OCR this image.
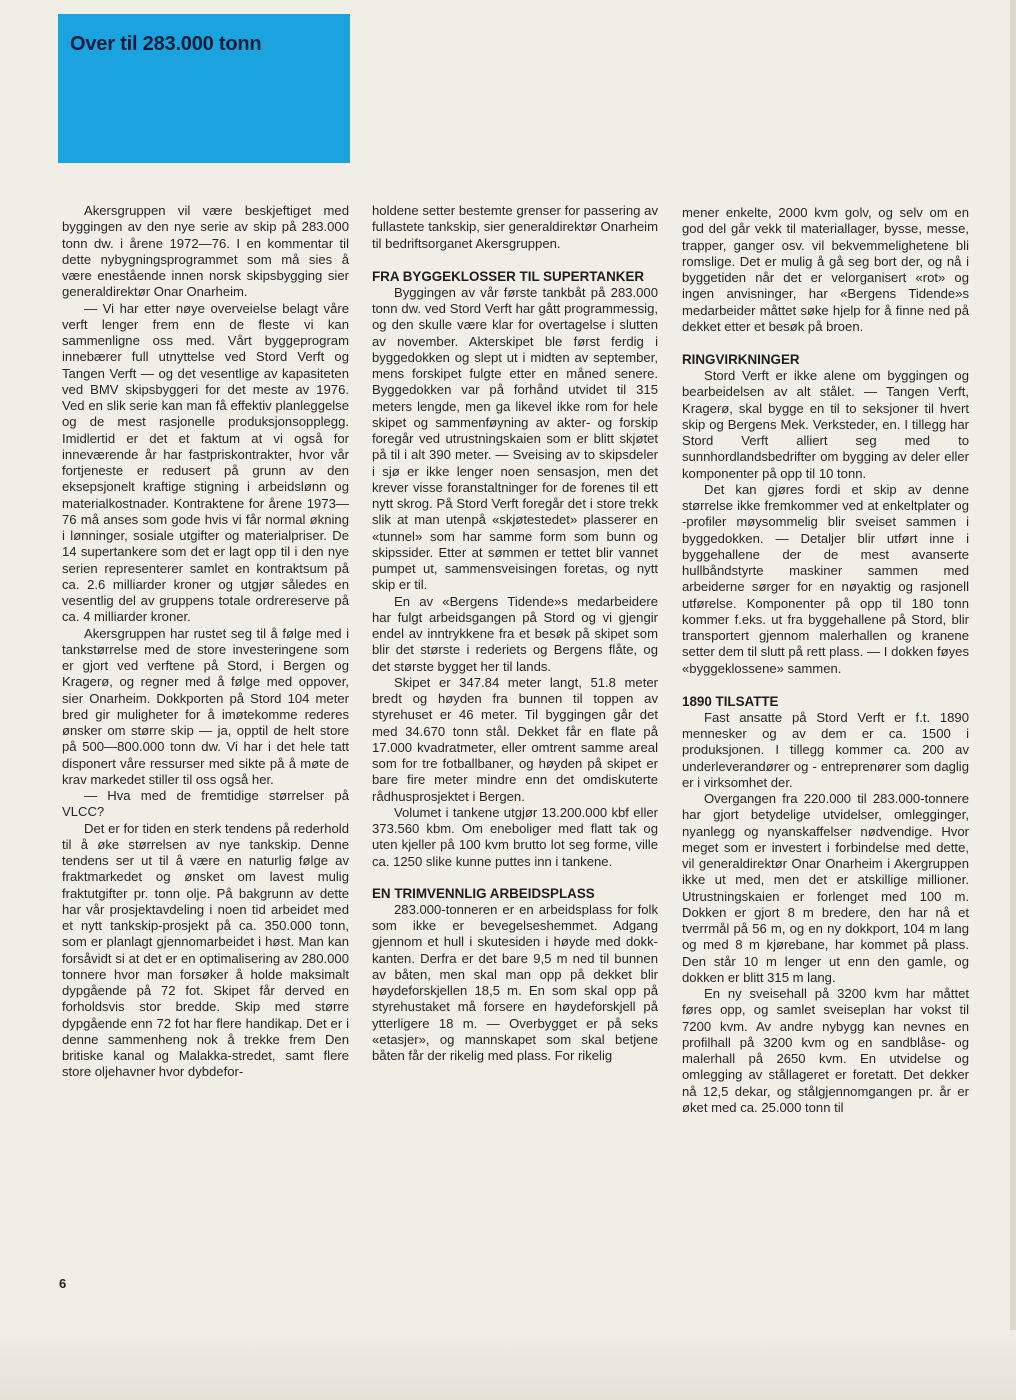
Over til 283.000 tonn

Akersgruppen vil være beskjeftiget med byggingen av den nye serie av skip på 283.000 tonn dw. i årene 1972—76. I en kommentar til dette nybygningsprogrammet som må sies å være enestående innen norsk skipsbygging sier generaldirektør Onar Onarheim.

— Vi har etter nøye overveielse belagt våre verft lenger frem enn de fleste vi kan sammenligne oss med. Vårt byggeprogram innebærer full utnyttelse ved Stord Verft og Tangen Verft — og det vesentlige av kapasiteten ved BMV skipsbyggeri for det meste av 1976. Ved en slik serie kan man få effektiv planleggelse og de mest rasjonelle produksjonsopplegg. Imidlertid er det et faktum at vi også for inneværende år har fastpriskontrakter, hvor vår fortjeneste er redusert på grunn av den eksepsjonelt kraftige stigning i arbeidslønn og materialkostnader. Kontraktene for årene 1973—76 må anses som gode hvis vi får normal økning i lønninger, sosiale utgifter og materialpriser. De 14 supertankere som det er lagt opp til i den nye serien representerer samlet en kontraktsum på ca. 2.6 milliarder kroner og utgjør således en vesentlig del av gruppens totale ordrereserve på ca. 4 milliarder kroner.

Akersgruppen har rustet seg til å følge med i tankstørrelse med de store investeringene som er gjort ved verftene på Stord, i Bergen og Kragerø, og regner med å følge med oppover, sier Onarheim. Dokkporten på Stord 104 meter bred gir muligheter for å imøtekomme rederes ønsker om større skip — ja, opptil de helt store på 500—800.000 tonn dw. Vi har i det hele tatt disponert våre ressurser med sikte på å møte de krav markedet stiller til oss også her.

— Hva med de fremtidige størrelser på VLCC?

Det er for tiden en sterk tendens på rederhold til å øke størrelsen av nye tankskip. Denne tendens ser ut til å være en naturlig følge av fraktmarkedet og ønsket om lavest mulig fraktutgifter pr. tonn olje. På bakgrunn av dette har vår prosjektavdeling i noen tid arbeidet med et nytt tankskip-prosjekt på ca. 350.000 tonn, som er planlagt gjennomarbeidet i høst. Man kan forsåvidt si at det er en optimalisering av 280.000 tonnere hvor man forsøker å holde maksimalt dypgående på 72 fot. Skipet får derved en forholdsvis stor bredde. Skip med større dypgående enn 72 fot har flere handikap. Det er i denne sammenheng nok å trekke frem Den britiske kanal og Malakka-stredet, samt flere store oljehavner hvor dybdefor-

holdene setter bestemte grenser for passering av fullastete tankskip, sier generaldirektør Onarheim til bedriftsorganet Akersgruppen.

FRA BYGGEKLOSSER TIL SUPERTANKER

Byggingen av vår første tankbåt på 283.000 tonn dw. ved Stord Verft har gått programmessig, og den skulle være klar for overtagelse i slutten av november. Akterskipet ble først ferdig i byggedokken og slept ut i midten av september, mens forskipet fulgte etter en måned senere. Byggedokken var på forhånd utvidet til 315 meters lengde, men ga likevel ikke rom for hele skipet og sammenføyning av akter- og forskip foregår ved utrustningskaien som er blitt skjøtet på til i alt 390 meter. — Sveising av to skipsdeler i sjø er ikke lenger noen sensasjon, men det krever visse foranstaltninger for de forenes til ett nytt skrog. På Stord Verft foregår det i store trekk slik at man utenpå «skjøtestedet» plasserer en «tunnel» som har samme form som bunn og skipssider. Etter at sømmen er tettet blir vannet pumpet ut, sammensveisingen foretas, og nytt skip er til.

En av «Bergens Tidende»s medarbeidere har fulgt arbeidsgangen på Stord og vi gjengir endel av inntrykkene fra et besøk på skipet som blir det største i rederiets og Bergens flåte, og det største bygget her til lands.

Skipet er 347.84 meter langt, 51.8 meter bredt og høyden fra bunnen til toppen av styrehuset er 46 meter. Til byggingen går det med 34.670 tonn stål. Dekket får en flate på 17.000 kvadratmeter, eller omtrent samme areal som for tre fotballbaner, og høyden på skipet er bare fire meter mindre enn det omdiskuterte rådhusprosjektet i Bergen.

Volumet i tankene utgjør 13.200.000 kbf eller 373.560 kbm. Om eneboliger med flatt tak og uten kjeller på 100 kvm brutto lot seg forme, ville ca. 1250 slike kunne puttes inn i tankene.

EN TRIMVENNLIG ARBEIDSPLASS

283.000-tonneren er en arbeidsplass for folk som ikke er bevegelseshemmet. Adgang gjennom et hull i skutesiden i høyde med dokk-kanten. Derfra er det bare 9,5 m ned til bunnen av båten, men skal man opp på dekket blir høydeforskjellen 18,5 m. En som skal opp på styrehustaket må forsere en høydeforskjell på ytterligere 18 m. — Overbygget er på seks «etasjer», og mannskapet som skal betjene båten får der rikelig med plass. For rikelig

mener enkelte, 2000 kvm golv, og selv om en god del går vekk til materiallager, bysse, messe, trapper, ganger osv. vil bekvemmelighetene bli romslige. Det er mulig å gå seg bort der, og nå i byggetiden når det er velorganisert «rot» og ingen anvisninger, har «Bergens Tidende»s medarbeider måttet søke hjelp for å finne ned på dekket etter et besøk på broen.

RINGVIRKNINGER

Stord Verft er ikke alene om byggingen og bearbeidelsen av alt stålet. — Tangen Verft, Kragerø, skal bygge en til to seksjoner til hvert skip og Bergens Mek. Verksteder, en. I tillegg har Stord Verft alliert seg med to sunnhordlandsbedrifter om bygging av deler eller komponenter på opp til 10 tonn.

Det kan gjøres fordi et skip av denne størrelse ikke fremkommer ved at enkeltplater og -profiler møysommelig blir sveiset sammen i byggedokken. — Detaljer blir utført inne i byggehallene der de mest avanserte hullbåndstyrte maskiner sammen med arbeiderne sørger for en nøyaktig og rasjonell utførelse. Komponenter på opp til 180 tonn kommer f.eks. ut fra byggehallene på Stord, blir transportert gjennom malerhallen og kranene setter dem til slutt på rett plass. — I dokken føyes «byggeklossene» sammen.

1890 TILSATTE

Fast ansatte på Stord Verft er f.t. 1890 mennesker og av dem er ca. 1500 i produksjonen. I tillegg kommer ca. 200 av underleverandører og - entreprenører som daglig er i virksomhet der.

Overgangen fra 220.000 til 283.000-tonnere har gjort betydelige utvidelser, omlegginger, nyanlegg og nyanskaffelser nødvendige. Hvor meget som er investert i forbindelse med dette, vil generaldirektør Onar Onarheim i Akergruppen ikke ut med, men det er atskillige millioner. Utrustningskaien er forlenget med 100 m. Dokken er gjort 8 m bredere, den har nå et tverrmål på 56 m, og en ny dokkport, 104 m lang og med 8 m kjørebane, har kommet på plass. Den står 10 m lenger ut enn den gamle, og dokken er blitt 315 m lang.

En ny sveisehall på 3200 kvm har måttet føres opp, og samlet sveiseplan har vokst til 7200 kvm. Av andre nybygg kan nevnes en profilhall på 3200 kvm og en sandblåse- og malerhall på 2650 kvm. En utvidelse og omlegging av stållageret er foretatt. Det dekker nå 12,5 dekar, og stålgjennomgangen pr. år er øket med ca. 25.000 tonn til

6
